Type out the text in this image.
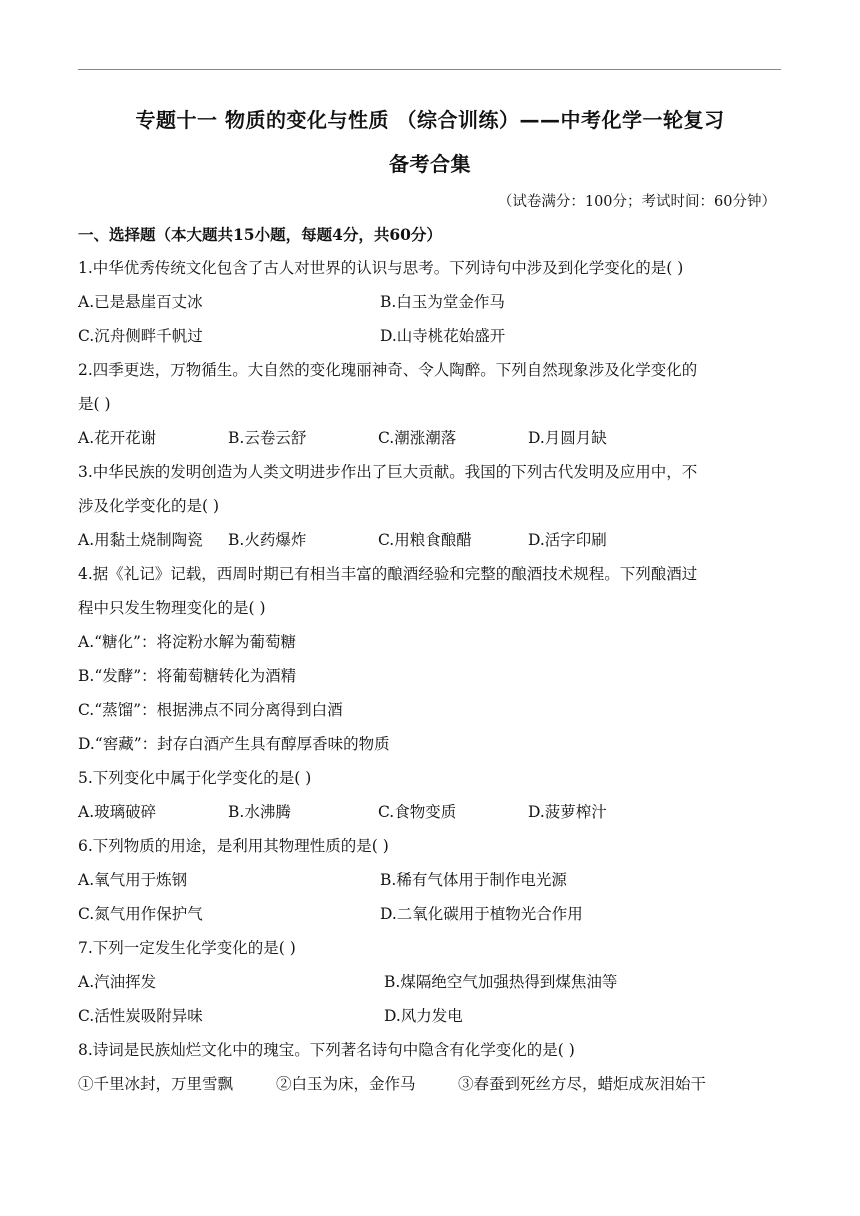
专题十一 物质的变化与性质 （综合训练）——中考化学一轮复习
备考合集
（试卷满分：100分；考试时间：60分钟）
一、选择题（本大题共15小题，每题4分，共60分）
1.中华优秀传统文化包含了古人对世界的认识与思考。下列诗句中涉及到化学变化的是( )
A.已是悬崖百丈冰	B.白玉为堂金作马
C.沉舟侧畔千帆过	D.山寺桃花始盛开
2.四季更迭，万物循生。大自然的变化瑰丽神奇、令人陶醉。下列自然现象涉及化学变化的
是( )
A.花开花谢	B.云卷云舒	C.潮涨潮落	D.月圆月缺
3.中华民族的发明创造为人类文明进步作出了巨大贡献。我国的下列古代发明及应用中，不
涉及化学变化的是( )
A.用黏土烧制陶瓷 B.火药爆炸	C.用粮食酿醋	D.活字印刷
4.据《礼记》记载，西周时期已有相当丰富的酿酒经验和完整的酿酒技术规程。下列酿酒过
程中只发生物理变化的是( )
A.“糖化”：将淀粉水解为葡萄糖
B.“发酵”：将葡萄糖转化为酒精
C.“蒸馏”：根据沸点不同分离得到白酒
D.“窖藏”：封存白酒产生具有醇厚香味的物质
5.下列变化中属于化学变化的是( )
A.玻璃破碎	B.水沸腾	C.食物变质	D.菠萝榨汁
6.下列物质的用途，是利用其物理性质的是( )
A.氧气用于炼钢	B.稀有气体用于制作电光源
C.氮气用作保护气	D.二氧化碳用于植物光合作用
7.下列一定发生化学变化的是( )
A.汽油挥发	B.煤隔绝空气加强热得到煤焦油等
C.活性炭吸附异味	D.风力发电
8.诗词是民族灿烂文化中的瑰宝。下列著名诗句中隐含有化学变化的是( )
①千里冰封，万里雪飘	②白玉为床，金作马	③春蚕到死丝方尽，蜡炬成灰泪始干
